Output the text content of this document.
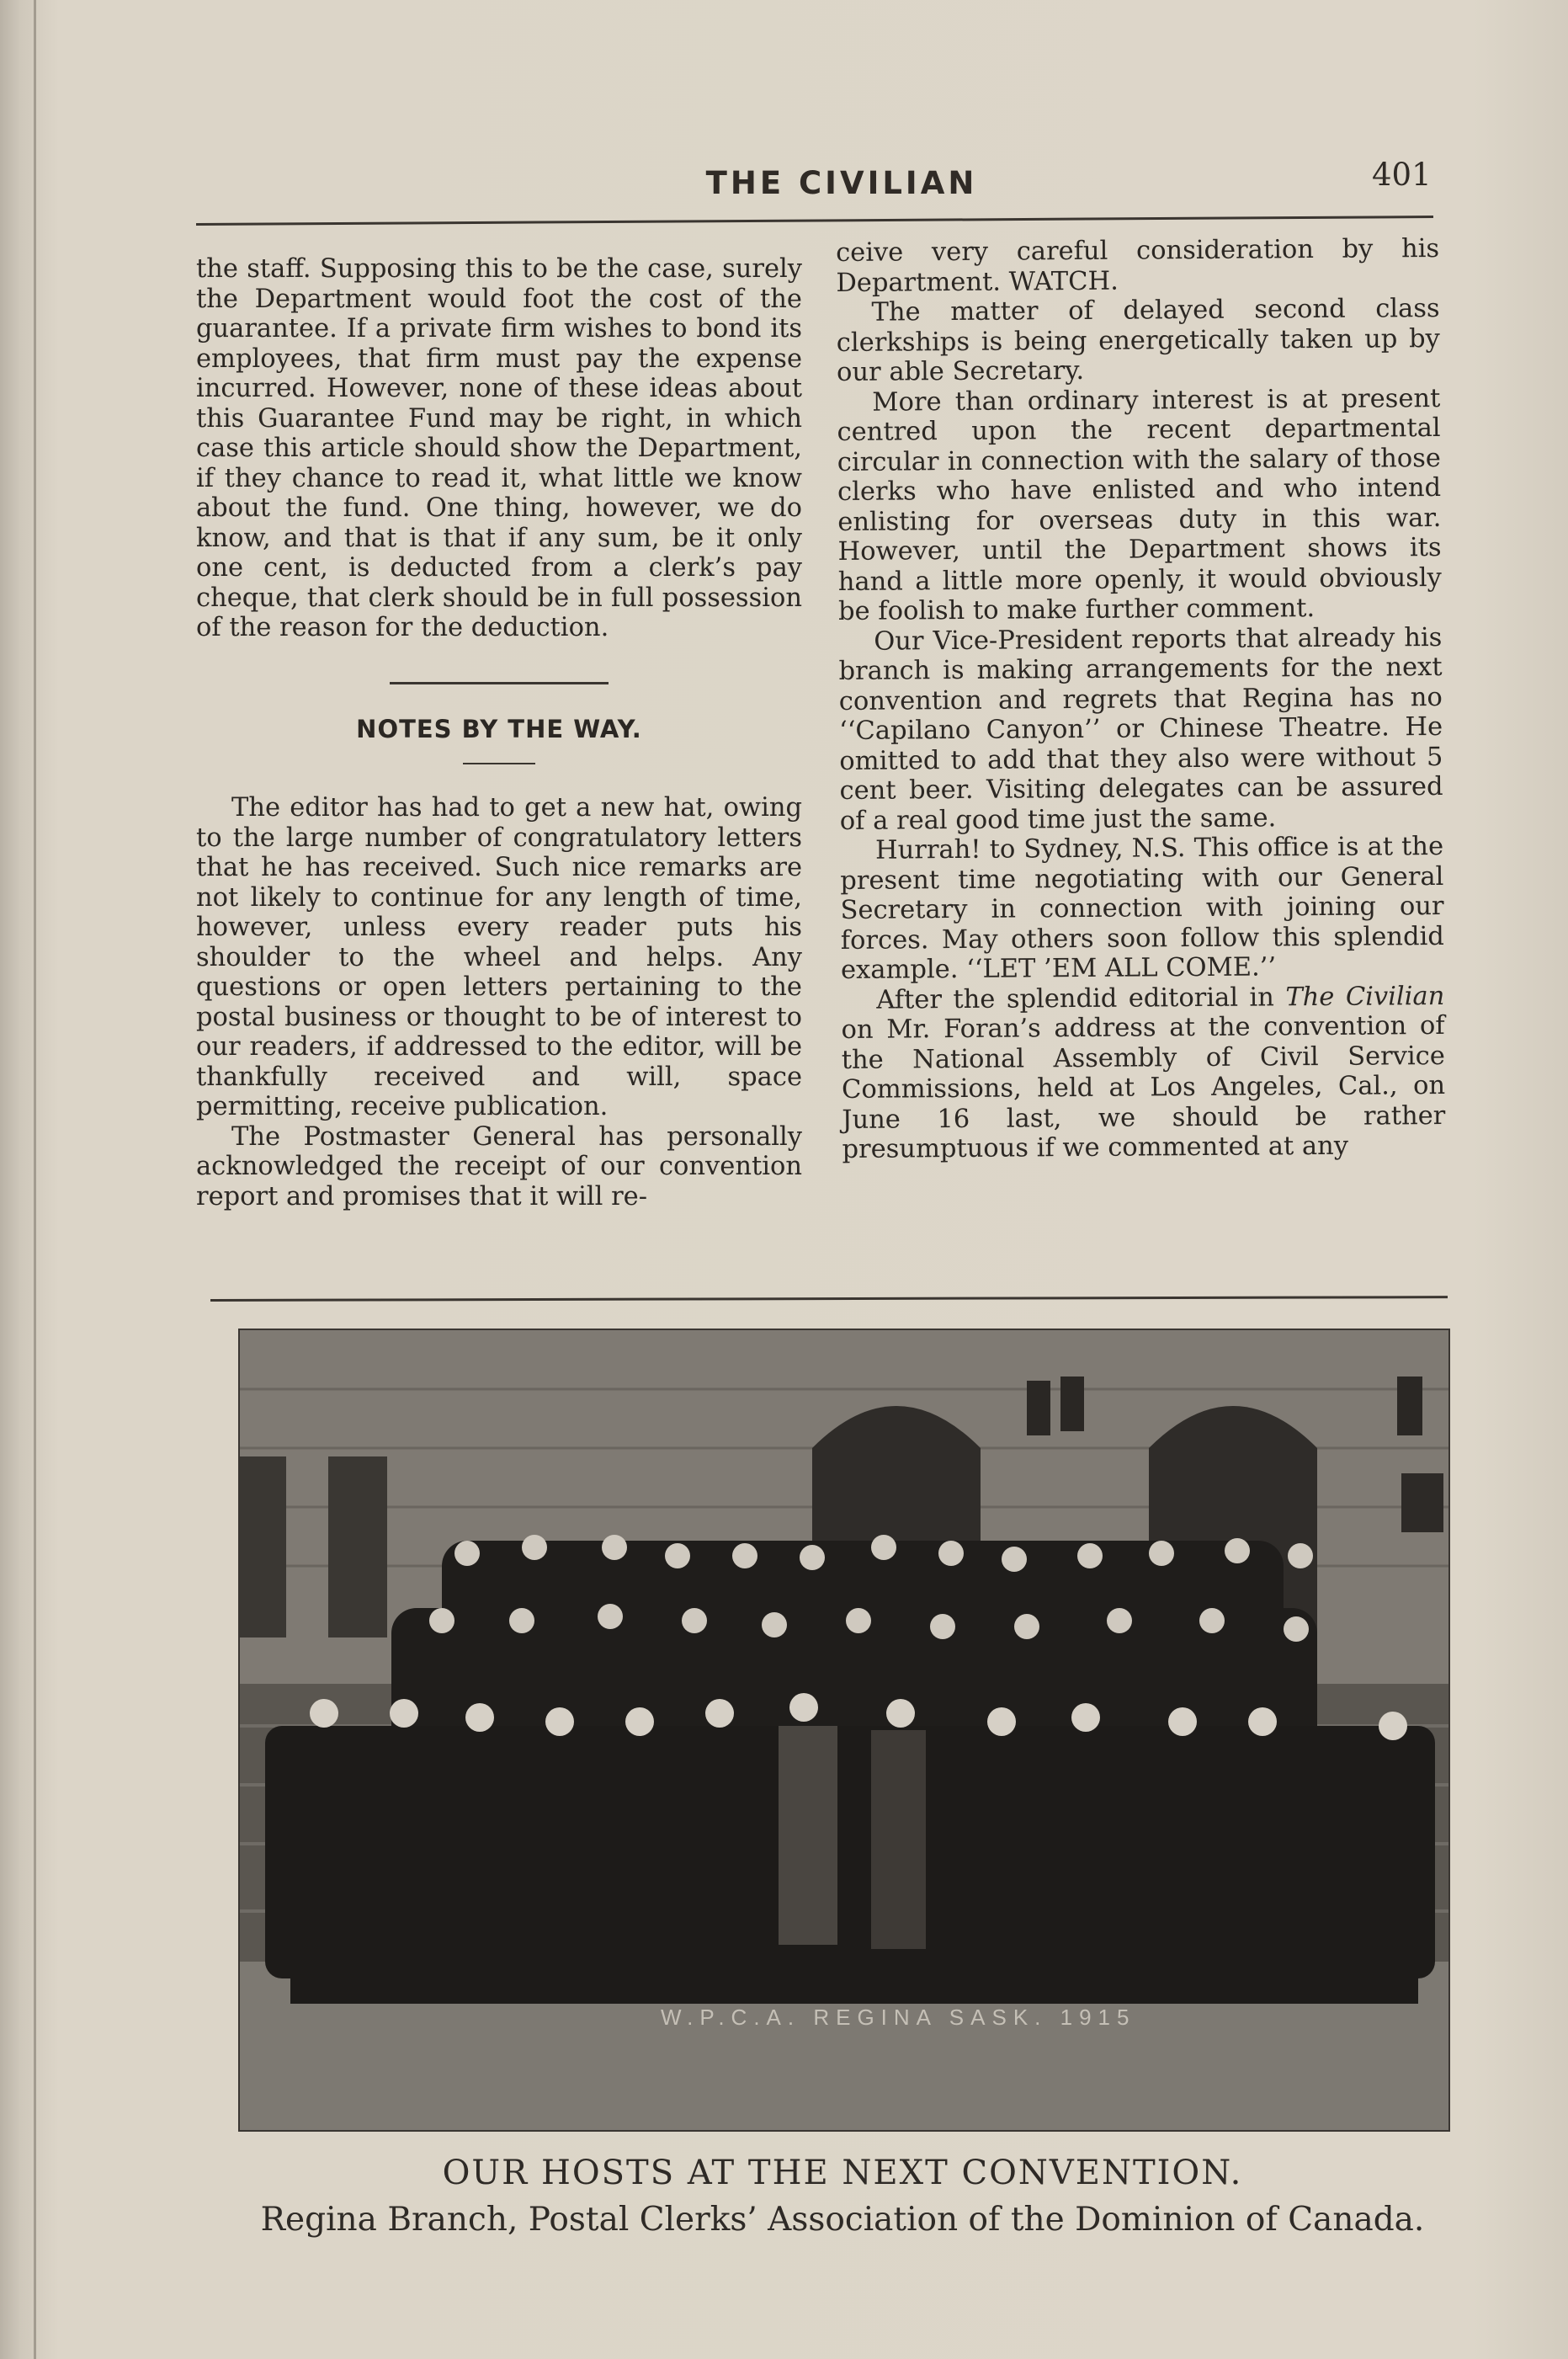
THE CIVILIAN	401

the staff. Supposing this to be the case, surely the Department would foot the cost of the guarantee. If a private firm wishes to bond its employees, that firm must pay the expense incurred. However, none of these ideas about this Guarantee Fund may be right, in which case this article should show the Department, if they chance to read it, what little we know about the fund. One thing, however, we do know, and that is that if any sum, be it only one cent, is deducted from a clerk’s pay cheque, that clerk should be in full possession of the reason for the deduction.

NOTES BY THE WAY.

The editor has had to get a new hat, owing to the large number of congratulatory letters that he has received. Such nice remarks are not likely to continue for any length of time, however, unless every reader puts his shoulder to the wheel and helps. Any questions or open letters pertaining to the postal business or thought to be of interest to our readers, if addressed to the editor, will be thankfully received and will, space permitting, receive publication.

The Postmaster General has personally acknowledged the receipt of our convention report and promises that it will re-

ceive very careful consideration by his Department. WATCH.

The matter of delayed second class clerkships is being energetically taken up by our able Secretary.

More than ordinary interest is at present centred upon the recent departmental circular in connection with the salary of those clerks who have enlisted and who intend enlisting for overseas duty in this war. However, until the Department shows its hand a little more openly, it would obviously be foolish to make further comment.

Our Vice-President reports that already his branch is making arrangements for the next convention and regrets that Regina has no ‘‘Capilano Canyon’’ or Chinese Theatre. He omitted to add that they also were without 5 cent beer. Visiting delegates can be assured of a real good time just the same.

Hurrah! to Sydney, N.S. This office is at the present time negotiating with our General Secretary in connection with joining our forces. May others soon follow this splendid example. ‘‘LET ’EM ALL COME.’’

After the splendid editorial in The Civilian on Mr. Foran’s address at the convention of the National Assembly of Civil Service Commissions, held at Los Angeles, Cal., on June 16 last, we should be rather presumptuous if we commented at any

W.P.C.A. REGINA SASK. 1915
OUR HOSTS AT THE NEXT CONVENTION.
Regina Branch, Postal Clerks’ Association of the Dominion of Canada.
